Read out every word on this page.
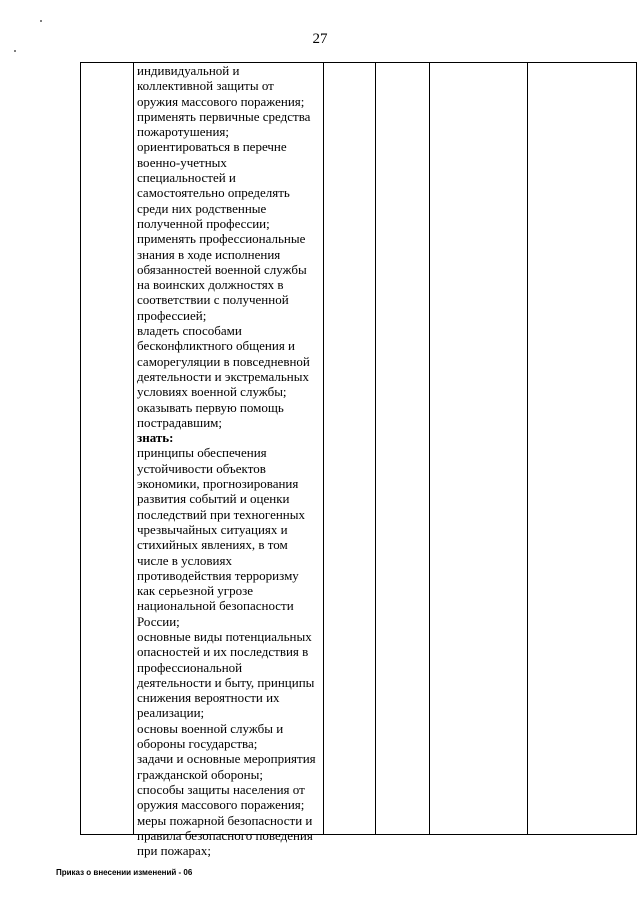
27
индивидуальной и
коллективной защиты от
оружия массового поражения;
применять первичные средства
пожаротушения;
ориентироваться в перечне
военно-учетных
специальностей и
самостоятельно определять
среди них родственные
полученной профессии;
применять профессиональные
знания в ходе исполнения
обязанностей военной службы
на воинских должностях в
соответствии с полученной
профессией;
владеть способами
бесконфликтного общения и
саморегуляции в повседневной
деятельности и экстремальных
условиях военной службы;
оказывать первую помощь
пострадавшим;
знать:
принципы обеспечения
устойчивости объектов
экономики, прогнозирования
развития событий и оценки
последствий при техногенных
чрезвычайных ситуациях и
стихийных явлениях, в том
числе в условиях
противодействия терроризму
как серьезной угрозе
национальной безопасности
России;
основные виды потенциальных
опасностей и их последствия в
профессиональной
деятельности и быту, принципы
снижения вероятности их
реализации;
основы военной службы и
обороны государства;
задачи и основные мероприятия
гражданской обороны;
способы защиты населения от
оружия массового поражения;
меры пожарной безопасности и
правила безопасного поведения
при пожарах;
Приказ о внесении изменений - 06
